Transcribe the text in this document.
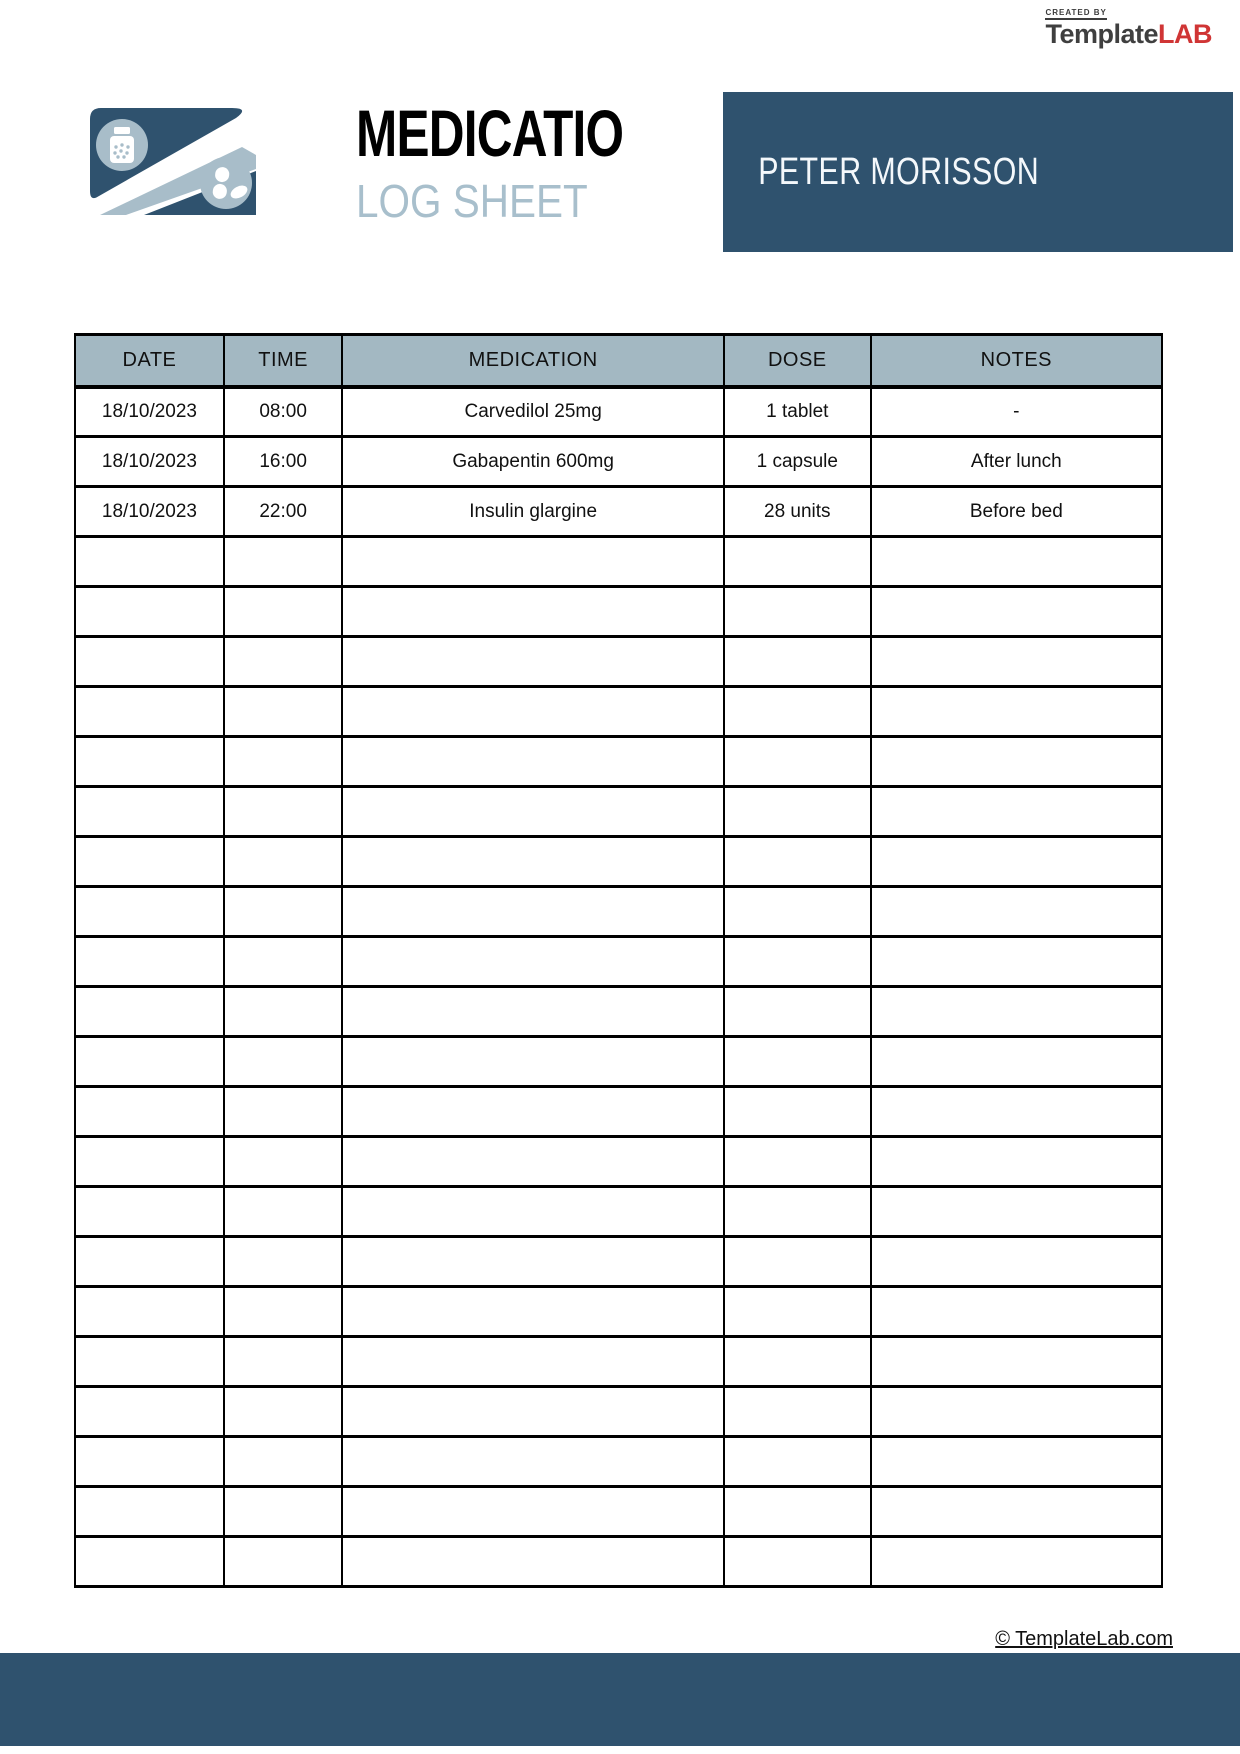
CREATED BY
TemplateLAB
MEDICATIO
LOG SHEET
PETER MORISSON
DATE	TIME	MEDICATION	DOSE	NOTES
18/10/2023	08:00	Carvedilol 25mg	1 tablet	-
18/10/2023	16:00	Gabapentin 600mg	1 capsule	After lunch
18/10/2023	22:00	Insulin glargine	28 units	Before bed

© TemplateLab.com
